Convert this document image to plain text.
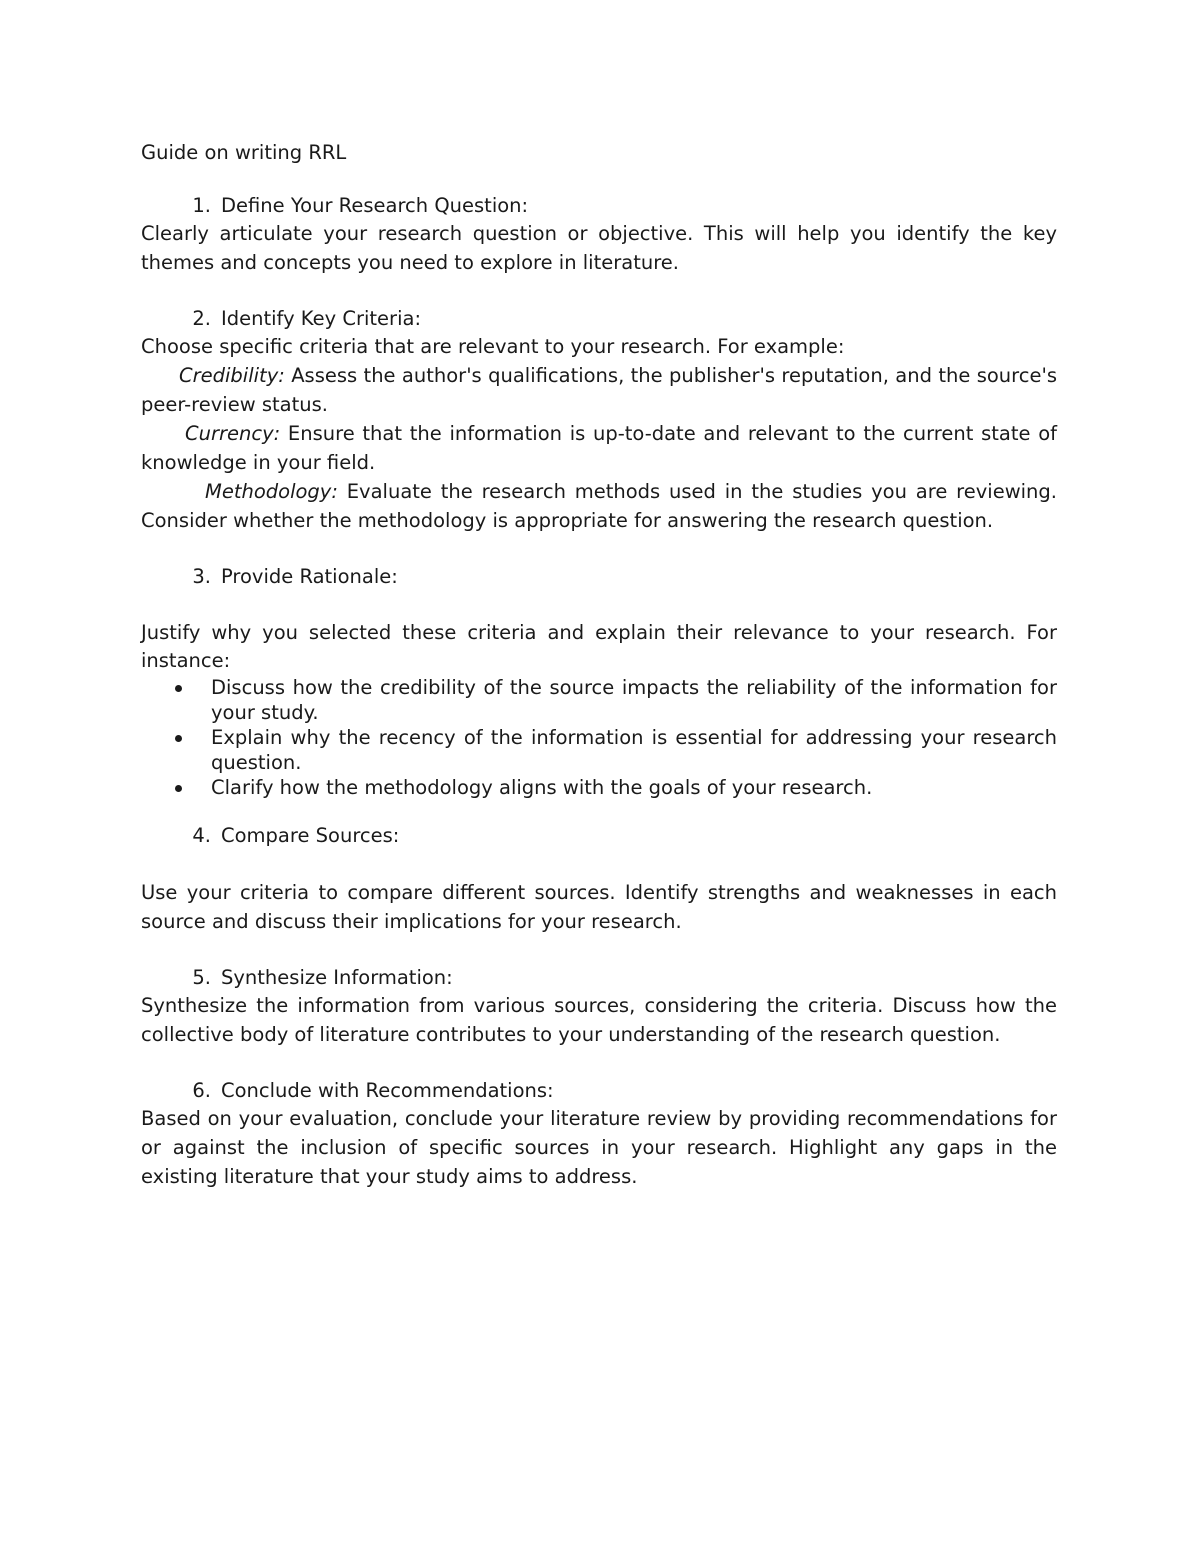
Guide on writing RRL
1. Define Your Research Question:

Clearly articulate your research question or objective. This will help you identify the key themes and concepts you need to explore in literature.

2. Identify Key Criteria:

Choose specific criteria that are relevant to your research. For example:

Credibility: Assess the author's qualifications, the publisher's reputation, and the source's peer-review status.

Currency: Ensure that the information is up-to-date and relevant to the current state of knowledge in your field.

Methodology: Evaluate the research methods used in the studies you are reviewing. Consider whether the methodology is appropriate for answering the research question.

3. Provide Rationale:

Justify why you selected these criteria and explain their relevance to your research. For instance:

Discuss how the credibility of the source impacts the reliability of the information for your study.
Explain why the recency of the information is essential for addressing your research question.
Clarify how the methodology aligns with the goals of your research.
4. Compare Sources:

Use your criteria to compare different sources. Identify strengths and weaknesses in each source and discuss their implications for your research.

5. Synthesize Information:

Synthesize the information from various sources, considering the criteria. Discuss how the collective body of literature contributes to your understanding of the research question.

6. Conclude with Recommendations:

Based on your evaluation, conclude your literature review by providing recommendations for or against the inclusion of specific sources in your research. Highlight any gaps in the existing literature that your study aims to address.
